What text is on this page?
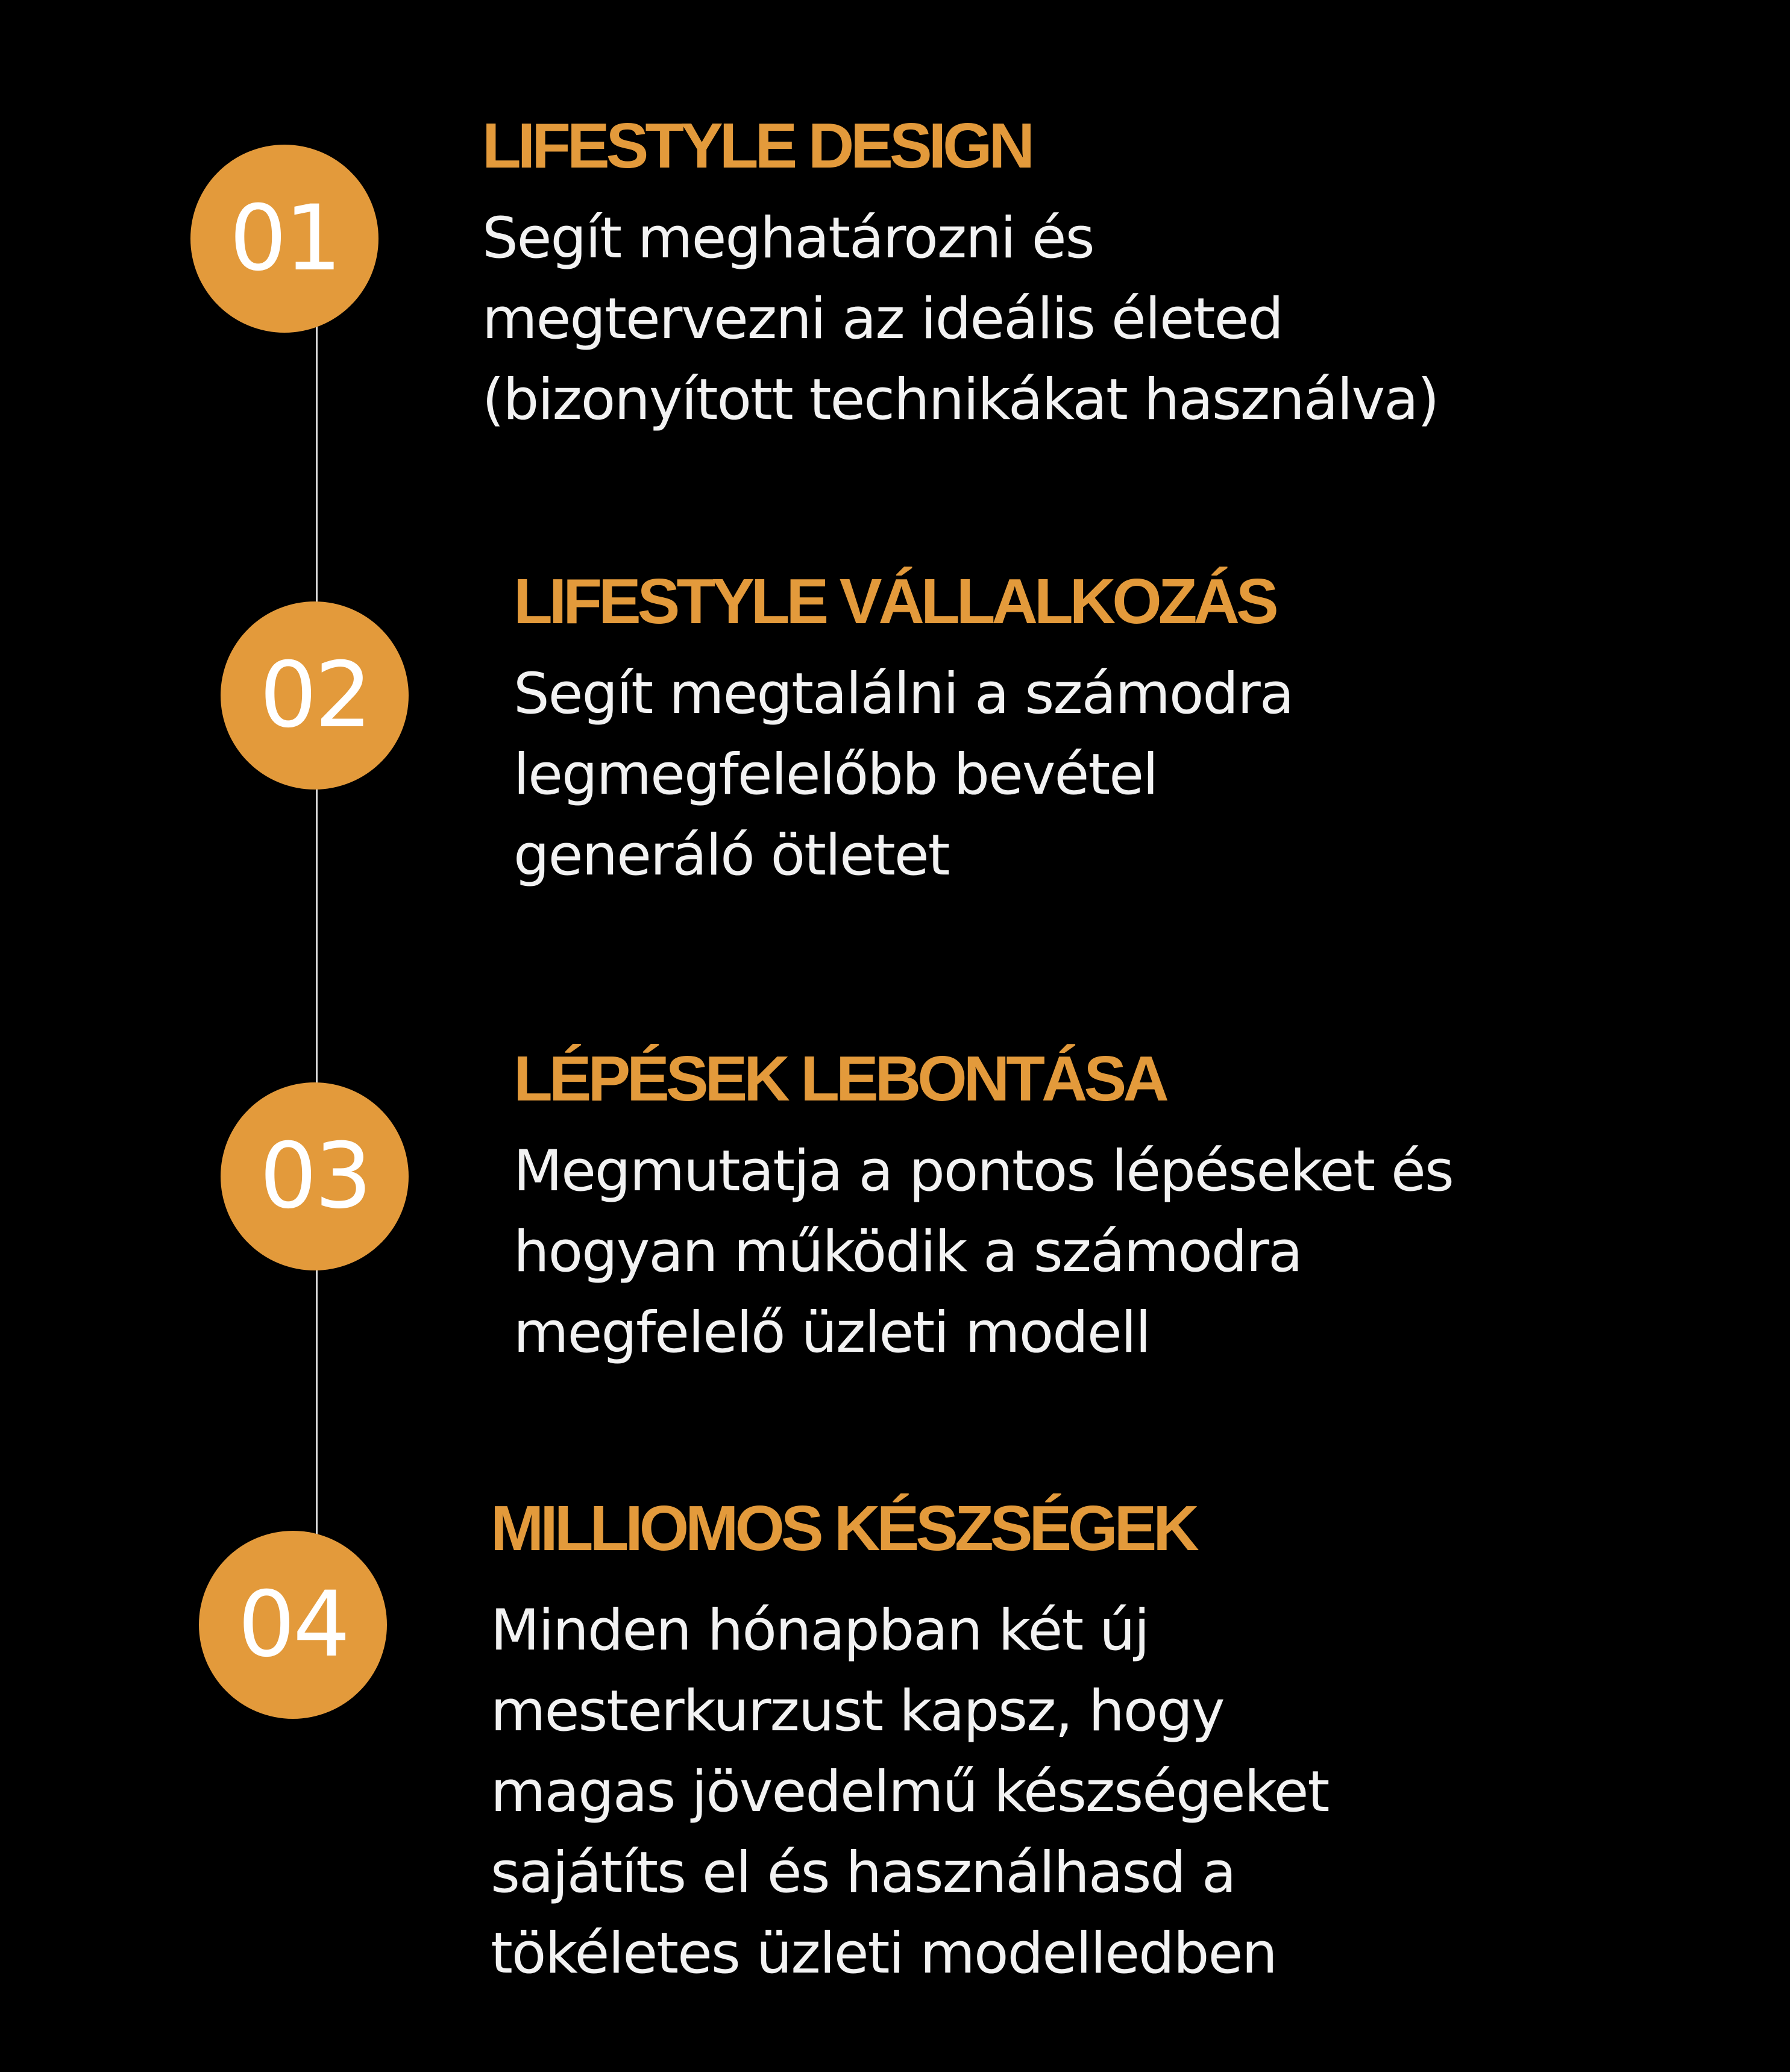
01
LIFESTYLE DESIGN
Segít meghatározni és
megtervezni az ideális életed
(bizonyított technikákat használva)
02
LIFESTYLE VÁLLALKOZÁS
Segít megtalálni a számodra
legmegfelelőbb bevétel
generáló ötletet
03
LÉPÉSEK LEBONTÁSA
Megmutatja a pontos lépéseket és
hogyan működik a számodra
megfelelő üzleti modell
04
MILLIOMOS KÉSZSÉGEK
Minden hónapban két új
mesterkurzust kapsz, hogy
magas jövedelmű készségeket
sajátíts el és használhasd a
tökéletes üzleti modelledben
